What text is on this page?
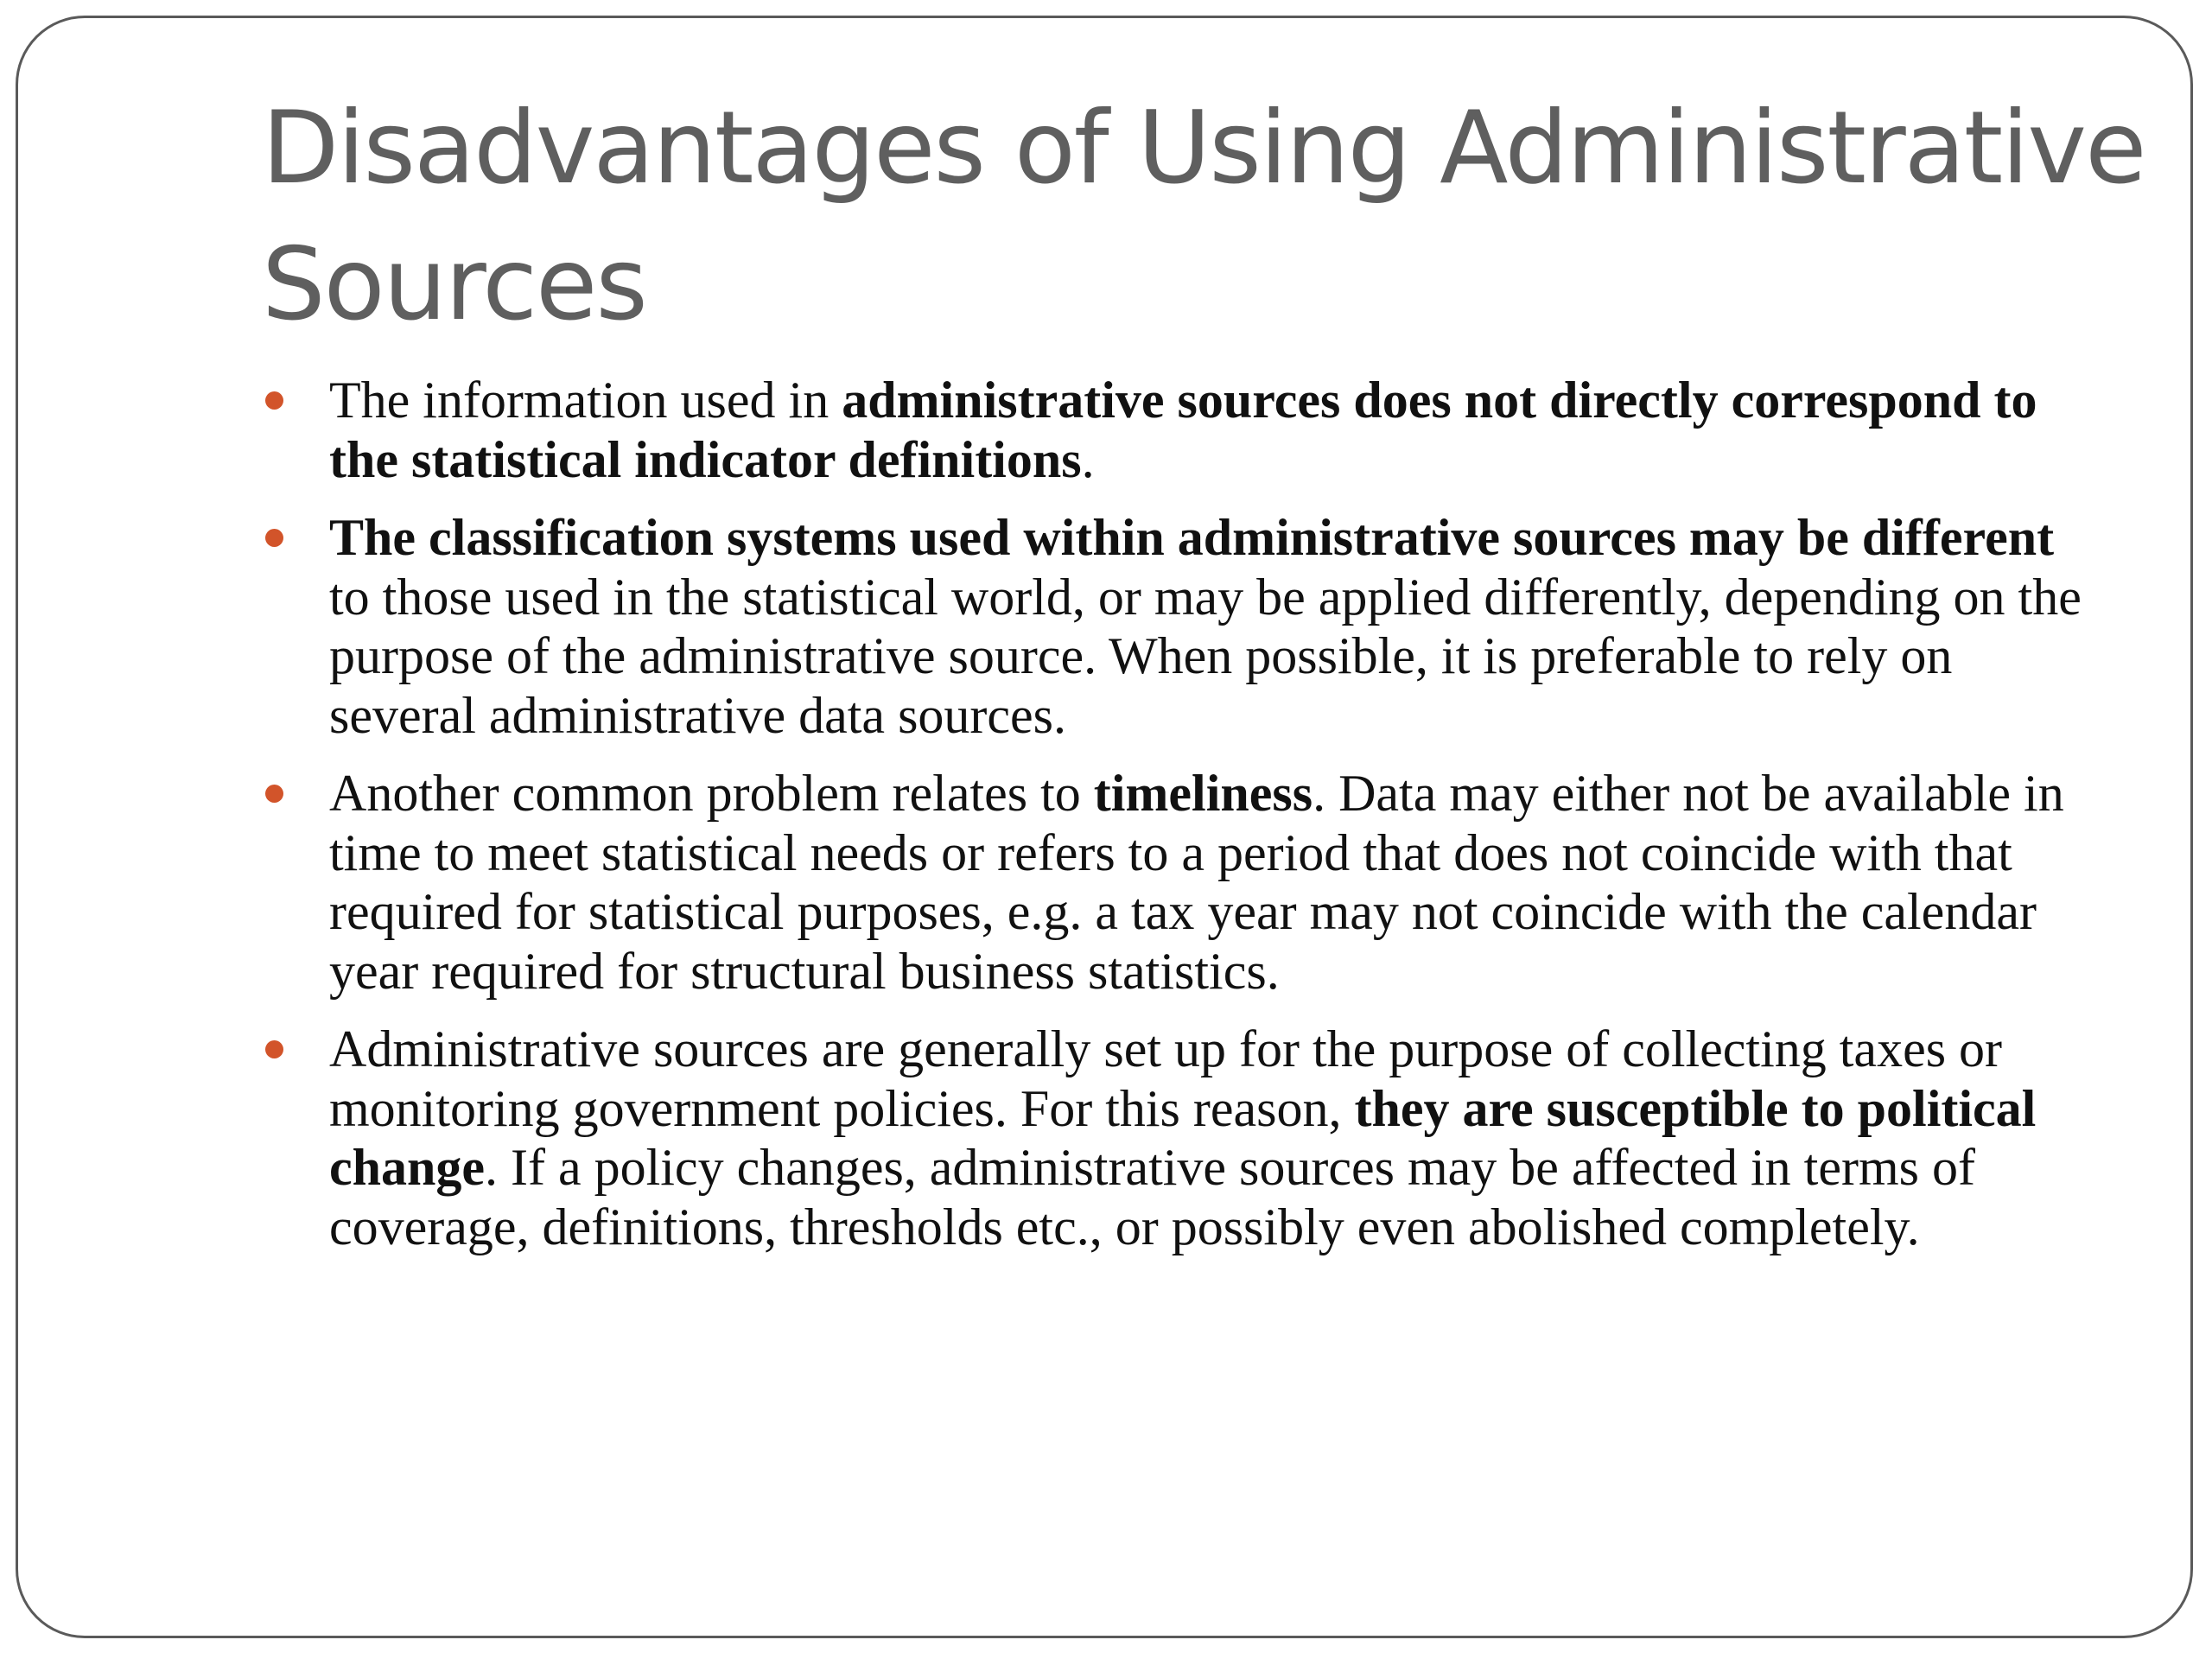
Disadvantages of Using Administrative Sources
The information used in administrative sources does not directly correspond to the statistical indicator definitions.
The classification systems used within administrative sources may be different to those used in the statistical world, or may be applied differently, depending on the purpose of the administrative source. When possible, it is preferable to rely on several administrative data sources.
Another common problem relates to timeliness. Data may either not be available in time to meet statistical needs or refers to a period that does not coincide with that required for statistical purposes, e.g. a tax year may not coincide with the calendar year required for structural business statistics.
Administrative sources are generally set up for the purpose of collecting taxes or monitoring government policies. For this reason, they are susceptible to political change. If a policy changes, administrative sources may be affected in terms of coverage, definitions, thresholds etc., or possibly even abolished completely.
